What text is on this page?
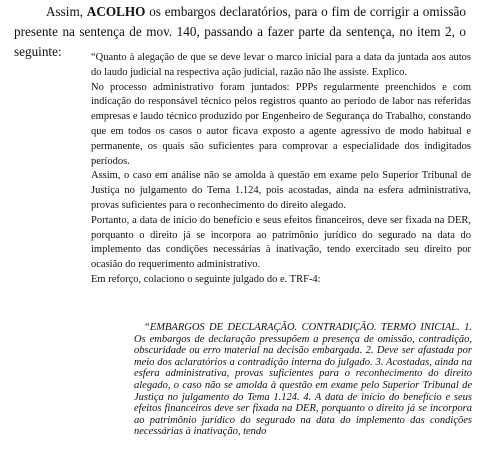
Assim, ACOLHO os embargos declaratórios, para o fim de corrigir a omissão presente na sentença de mov. 140, passando a fazer parte da sentença, no item 2, o seguinte:	“Quanto à alegação de que se deve levar o marco inicial para a data da juntada aos autos do laudo judicial na respectiva ação judicial, razão não lhe assiste. Explico.

No processo administrativo foram juntados: PPPs regularmente preenchidos e com indicação do responsável técnico pelos registros quanto ao período de labor nas referidas empresas e laudo técnico produzido por Engenheiro de Segurança do Trabalho, constando que em todos os casos o autor ficava exposto a agente agressivo de modo habitual e permanente, os quais são suficientes para comprovar a especialidade dos indigitados períodos.

Assim, o caso em análise não se amolda à questão em exame pelo Superior Tribunal de Justiça no julgamento do Tema 1.124, pois acostadas, ainda na esfera administrativa, provas suficientes para o reconhecimento do direito alegado.

Portanto, a data de início do benefício e seus efeitos financeiros, deve ser fixada na DER, porquanto o direito já se incorpora ao patrimônio jurídico do segurado na data do implemento das condições necessárias à inativação, tendo exercitado seu direito por ocasião do requerimento administrativo.

Em reforço, colaciono o seguinte julgado do e. TRF-4:

“EMBARGOS DE DECLARAÇÃO. CONTRADIÇÃO. TERMO INICIAL. 1. Os embargos de declaração pressupõem a presença de omissão, contradição, obscuridade ou erro material na decisão embargada. 2. Deve ser afastada por meio dos aclaratórios a contradição interna do julgado. 3. Acostadas, ainda na esfera administrativa, provas suficientes para o reconhecimento do direito alegado, o caso não se amolda à questão em exame pelo Superior Tribunal de Justiça no julgamento do Tema 1.124. 4. A data de início do benefício e seus efeitos financeiros deve ser fixada na DER, porquanto o direito já se incorpora ao patrimônio jurídico do segurado na data do implemento das condições necessárias à inativação, tendo
